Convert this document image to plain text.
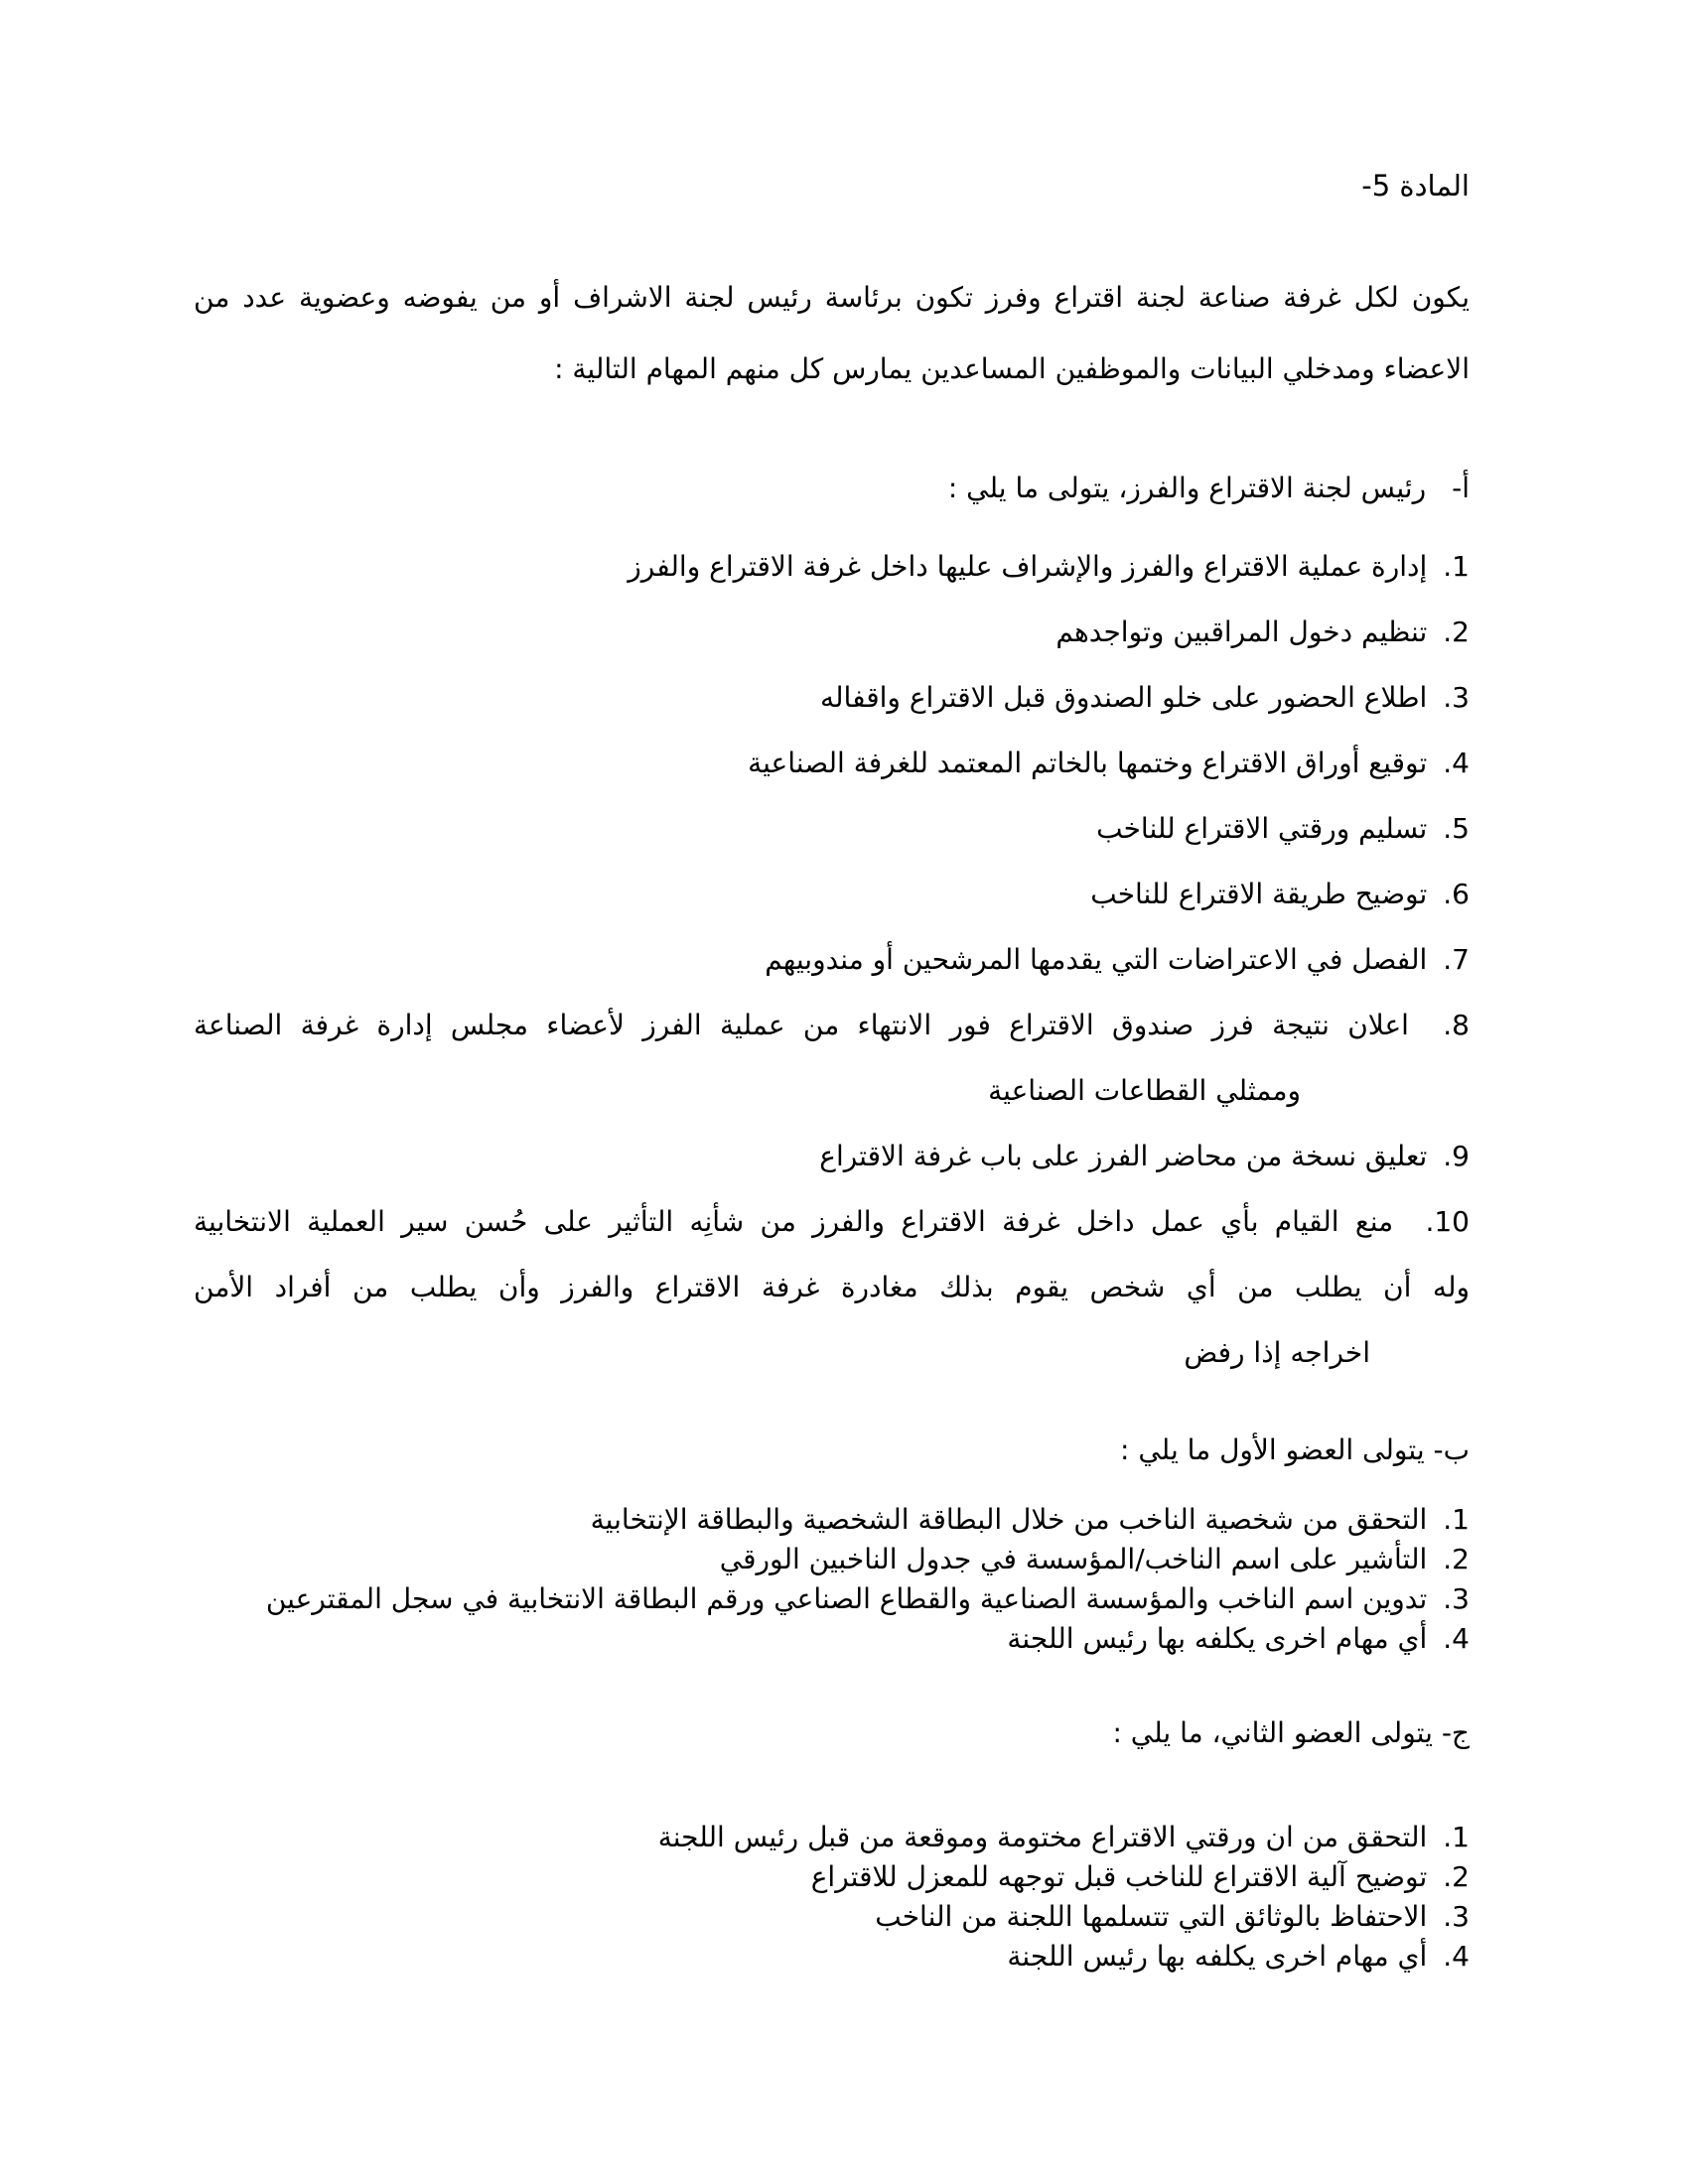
المادة 5-
يكون لكل غرفة صناعة لجنة اقتراع وفرز تكون برئاسة رئيس لجنة الاشراف أو من يفوضه وعضوية عدد من الاعضاء ومدخلي البيانات والموظفين المساعدين يمارس كل منهم المهام التالية :
أ-رئيس لجنة الاقتراع والفرز، يتولى ما يلي :
1.إدارة عملية الاقتراع والفرز والإشراف عليها داخل غرفة الاقتراع والفرز
2.تنظيم دخول المراقبين وتواجدهم
3.اطلاع الحضور على خلو الصندوق قبل الاقتراع واقفاله
4.توقيع أوراق الاقتراع وختمها بالخاتم المعتمد للغرفة الصناعية
5.تسليم ورقتي الاقتراع للناخب
6.توضيح طريقة الاقتراع للناخب
7.الفصل في الاعتراضات التي يقدمها المرشحين أو مندوبيهم
8. اعلان نتيجة فرز صندوق الاقتراع فور الانتهاء من عملية الفرز لأعضاء مجلس إدارة غرفة الصناعة
وممثلي القطاعات الصناعية
9.تعليق نسخة من محاضر الفرز على باب غرفة الاقتراع
10. منع القيام بأي عمل داخل غرفة الاقتراع والفرز من شأنِه التأثير على حُسن سير العملية الانتخابية
وله أن يطلب من أي شخص يقوم بذلك مغادرة غرفة الاقتراع والفرز وأن يطلب من أفراد الأمن
اخراجه إذا رفض
ب- يتولى العضو الأول ما يلي :
1.التحقق من شخصية الناخب من خلال البطاقة الشخصية والبطاقة الإنتخابية
2.التأشير على اسم الناخب/المؤسسة في جدول الناخبين الورقي
3.تدوين اسم الناخب والمؤسسة الصناعية والقطاع الصناعي ورقم البطاقة الانتخابية في سجل المقترعين
4.أي مهام اخرى يكلفه بها رئيس اللجنة
ج- يتولى العضو الثاني، ما يلي :
1.التحقق من ان ورقتي الاقتراع مختومة وموقعة من قبل رئيس اللجنة
2.توضيح آلية الاقتراع للناخب قبل توجهه للمعزل للاقتراع
3.الاحتفاظ بالوثائق التي تتسلمها اللجنة من الناخب
4.أي مهام اخرى يكلفه بها رئيس اللجنة
